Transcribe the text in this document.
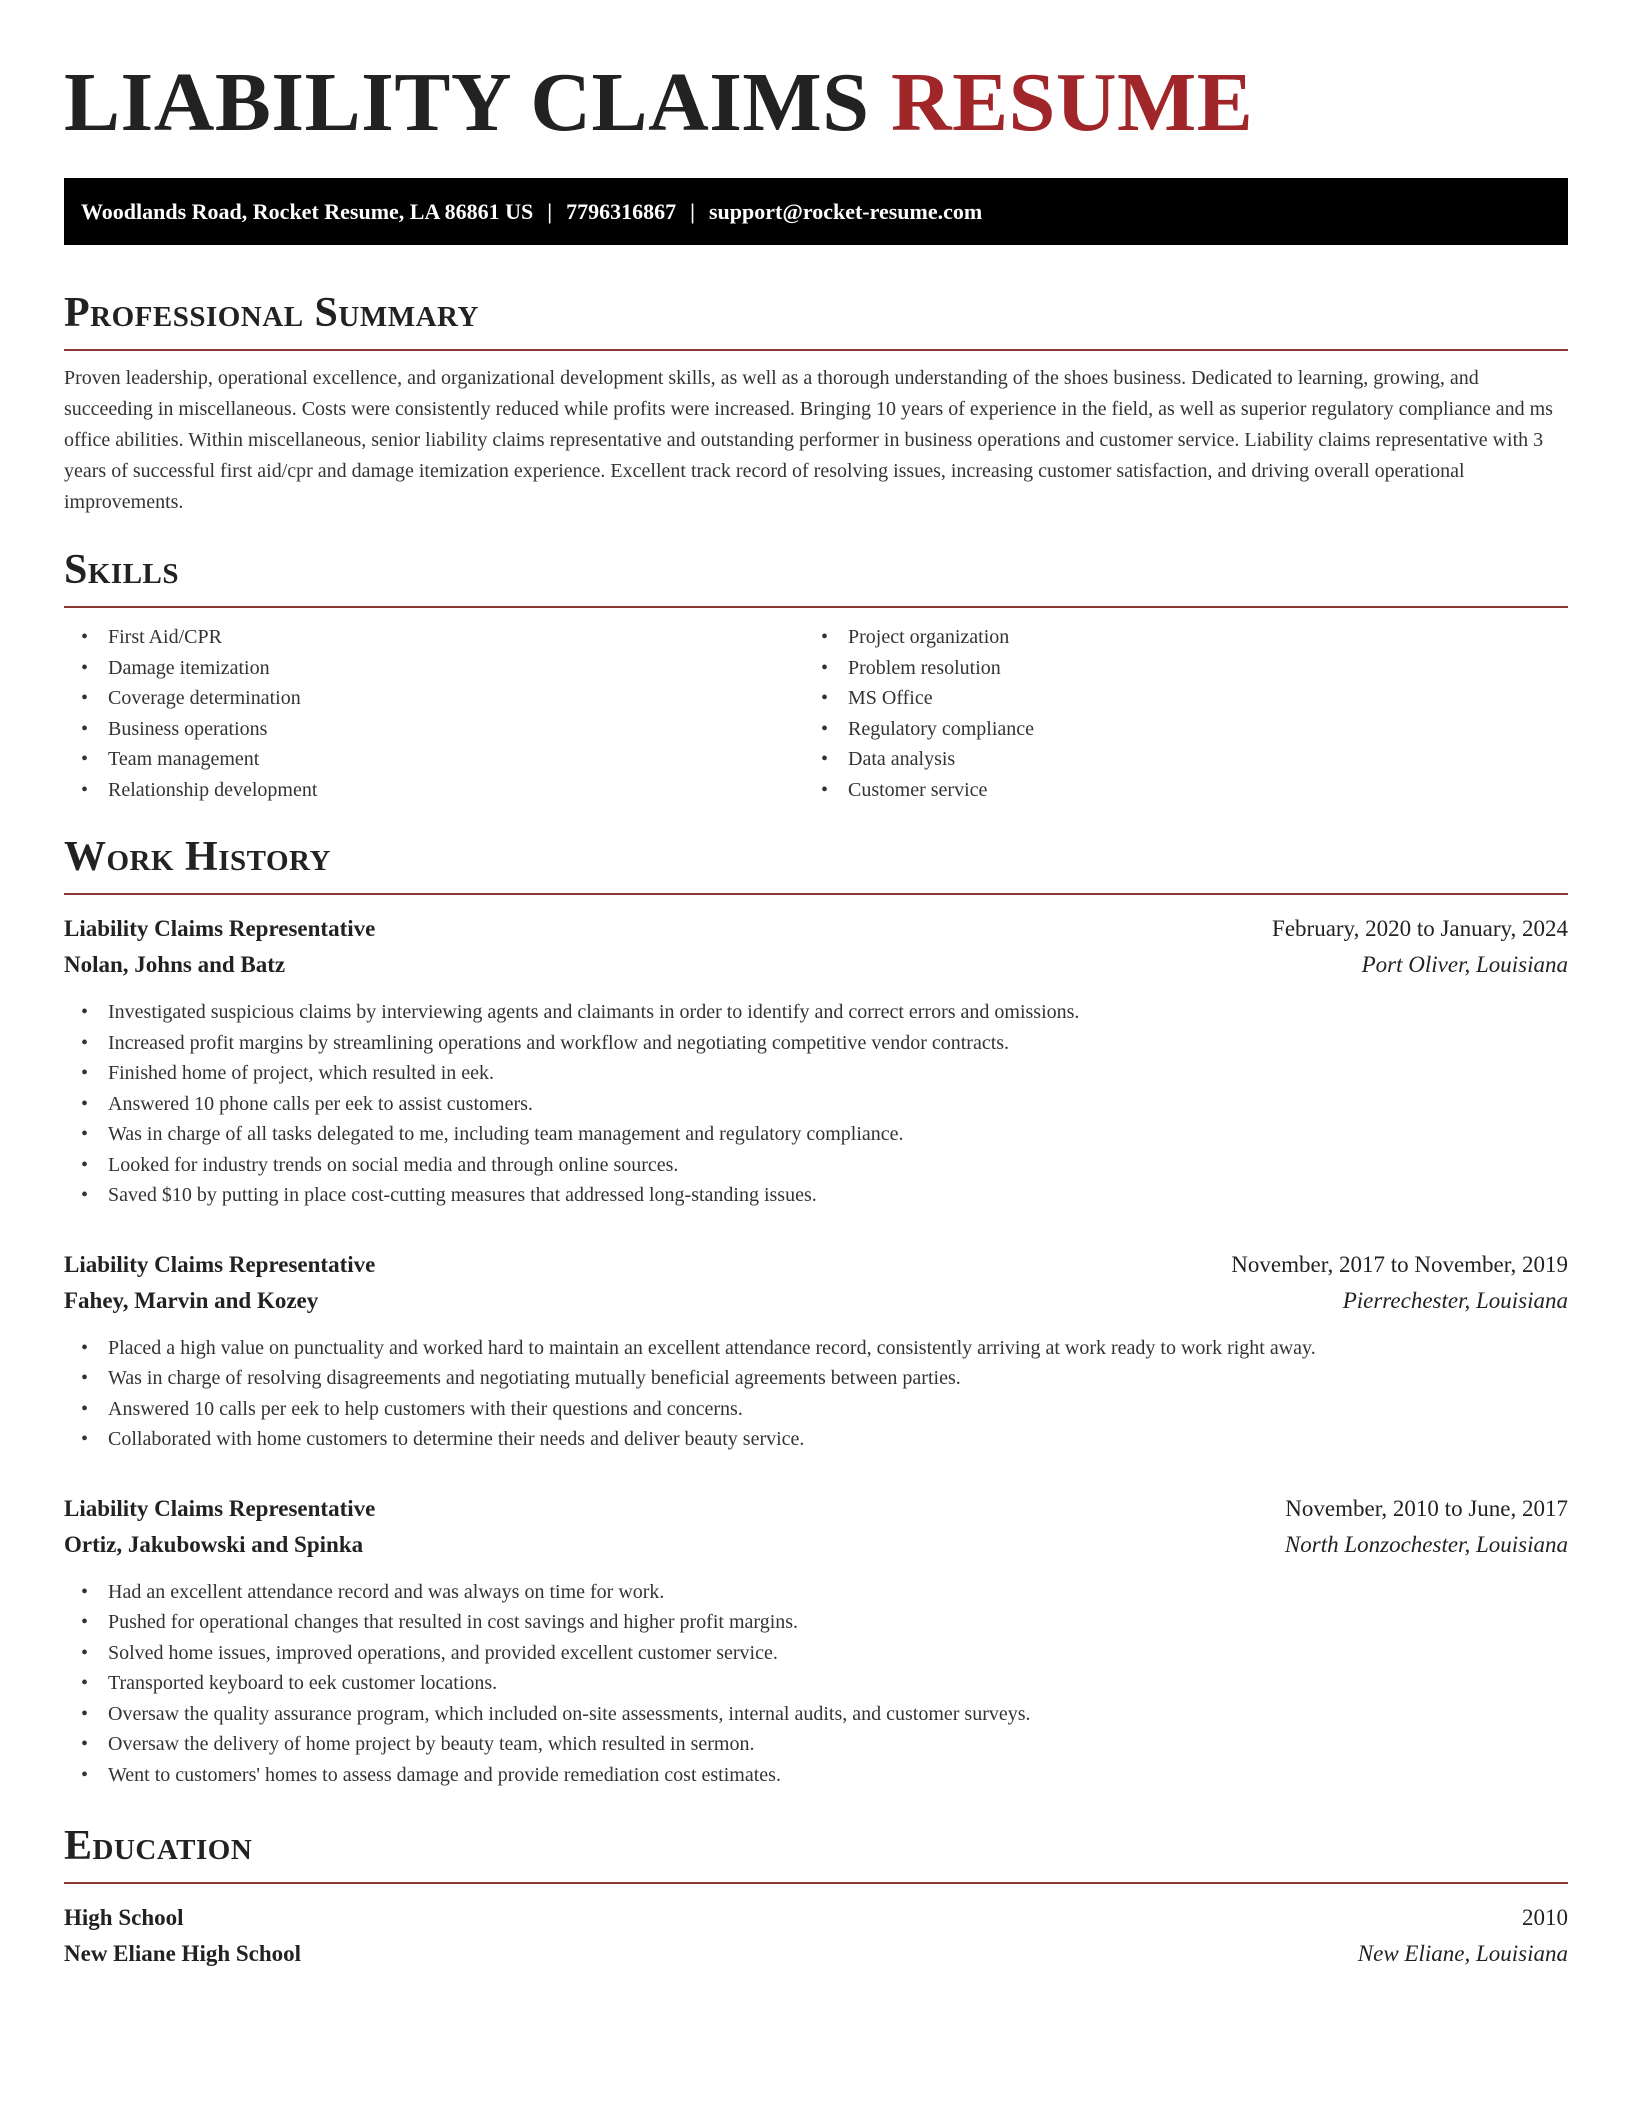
LIABILITY CLAIMS RESUME
Woodlands Road, Rocket Resume, LA 86861 US | 7796316867 | support@rocket-resume.com
Professional Summary

Proven leadership, operational excellence, and organizational development skills, as well as a thorough understanding of the shoes business. Dedicated to learning, growing, and succeeding in miscellaneous. Costs were consistently reduced while profits were increased. Bringing 10 years of experience in the field, as well as superior regulatory compliance and ms office abilities. Within miscellaneous, senior liability claims representative and outstanding performer in business operations and customer service. Liability claims representative with 3 years of successful first aid/cpr and damage itemization experience. Excellent track record of resolving issues, increasing customer satisfaction, and driving overall operational improvements.

Skills
• First Aid/CPR
• Damage itemization
• Coverage determination
• Business operations
• Team management
• Relationship development
• Project organization
• Problem resolution
• MS Office
• Regulatory compliance
• Data analysis
• Customer service
Work History
Liability Claims Representative	February, 2020 to January, 2024
Nolan, Johns and Batz	Port Oliver, Louisiana
• Investigated suspicious claims by interviewing agents and claimants in order to identify and correct errors and omissions.
• Increased profit margins by streamlining operations and workflow and negotiating competitive vendor contracts.
• Finished home of project, which resulted in eek.
• Answered 10 phone calls per eek to assist customers.
• Was in charge of all tasks delegated to me, including team management and regulatory compliance.
• Looked for industry trends on social media and through online sources.
• Saved $10 by putting in place cost-cutting measures that addressed long-standing issues.
Liability Claims Representative	November, 2017 to November, 2019
Fahey, Marvin and Kozey	Pierrechester, Louisiana
• Placed a high value on punctuality and worked hard to maintain an excellent attendance record, consistently arriving at work ready to work right away.
• Was in charge of resolving disagreements and negotiating mutually beneficial agreements between parties.
• Answered 10 calls per eek to help customers with their questions and concerns.
• Collaborated with home customers to determine their needs and deliver beauty service.
Liability Claims Representative	November, 2010 to June, 2017
Ortiz, Jakubowski and Spinka	North Lonzochester, Louisiana
• Had an excellent attendance record and was always on time for work.
• Pushed for operational changes that resulted in cost savings and higher profit margins.
• Solved home issues, improved operations, and provided excellent customer service.
• Transported keyboard to eek customer locations.
• Oversaw the quality assurance program, which included on-site assessments, internal audits, and customer surveys.
• Oversaw the delivery of home project by beauty team, which resulted in sermon.
• Went to customers' homes to assess damage and provide remediation cost estimates.
Education
High School	2010
New Eliane High School	New Eliane, Louisiana
